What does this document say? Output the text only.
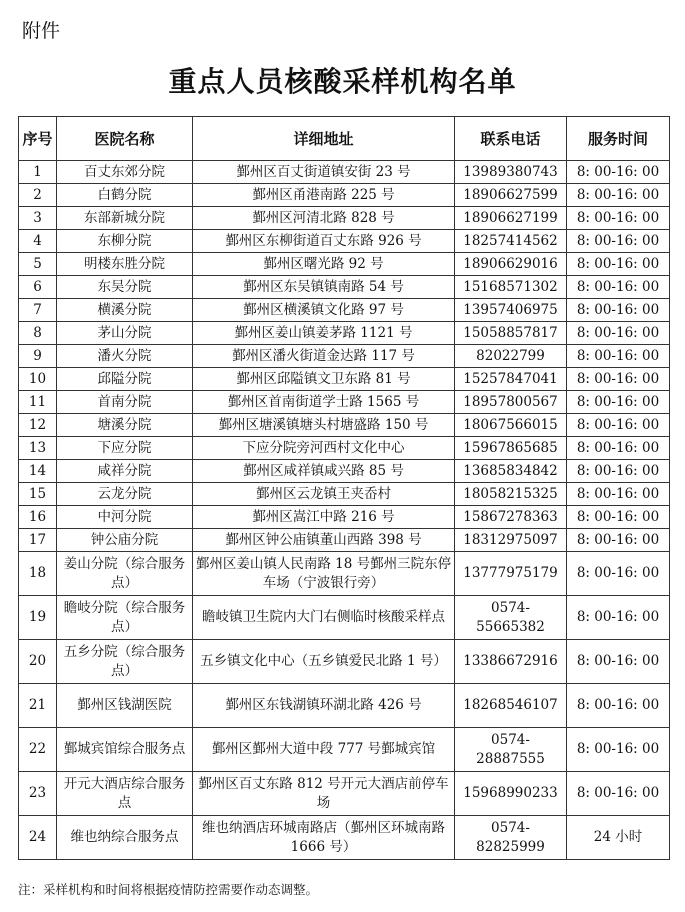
附件
重点人员核酸采样机构名单
序号	医院名称	详细地址	联系电话	服务时间
1	百丈东郊分院	鄞州区百丈街道镇安街 23 号	13989380743	8: 00-16: 00
2	白鹤分院	鄞州区甬港南路 225 号	18906627599	8: 00-16: 00
3	东部新城分院	鄞州区河清北路 828 号	18906627199	8: 00-16: 00
4	东柳分院	鄞州区东柳街道百丈东路 926 号	18257414562	8: 00-16: 00
5	明楼东胜分院	鄞州区曙光路 92 号	18906629016	8: 00-16: 00
6	东吴分院	鄞州区东吴镇镇南路 54 号	15168571302	8: 00-16: 00
7	横溪分院	鄞州区横溪镇文化路 97 号	13957406975	8: 00-16: 00
8	茅山分院	鄞州区姜山镇姜茅路 1121 号	15058857817	8: 00-16: 00
9	潘火分院	鄞州区潘火街道金达路 117 号	82022799	8: 00-16: 00
10	邱隘分院	鄞州区邱隘镇文卫东路 81 号	15257847041	8: 00-16: 00
11	首南分院	鄞州区首南街道学士路 1565 号	18957800567	8: 00-16: 00
12	塘溪分院	鄞州区塘溪镇塘头村塘盛路 150 号	18067566015	8: 00-16: 00
13	下应分院	下应分院旁河西村文化中心	15967865685	8: 00-16: 00
14	咸祥分院	鄞州区咸祥镇咸兴路 85 号	13685834842	8: 00-16: 00
15	云龙分院	鄞州区云龙镇王夹岙村	18058215325	8: 00-16: 00
16	中河分院	鄞州区嵩江中路 216 号	15867278363	8: 00-16: 00
17	钟公庙分院	鄞州区钟公庙镇董山西路 398 号	18312975097	8: 00-16: 00
18	姜山分院（综合服务点）	鄞州区姜山镇人民南路 18 号鄞州三院东停车场（宁波银行旁）	13777975179	8: 00-16: 00
19	瞻岐分院（综合服务点）	瞻岐镇卫生院内大门右侧临时核酸采样点	0574-55665382	8: 00-16: 00
20	五乡分院（综合服务点）	五乡镇文化中心（五乡镇爱民北路 1 号）	13386672916	8: 00-16: 00
21	鄞州区钱湖医院	鄞州区东钱湖镇环湖北路 426 号	18268546107	8: 00-16: 00
22	鄞城宾馆综合服务点	鄞州区鄞州大道中段 777 号鄞城宾馆	0574-28887555	8: 00-16: 00
23	开元大酒店综合服务点	鄞州区百丈东路 812 号开元大酒店前停车场	15968990233	8: 00-16: 00
24	维也纳综合服务点	维也纳酒店环城南路店（鄞州区环城南路 1666 号）	0574-82825999	24 小时
注：采样机构和时间将根据疫情防控需要作动态调整。
